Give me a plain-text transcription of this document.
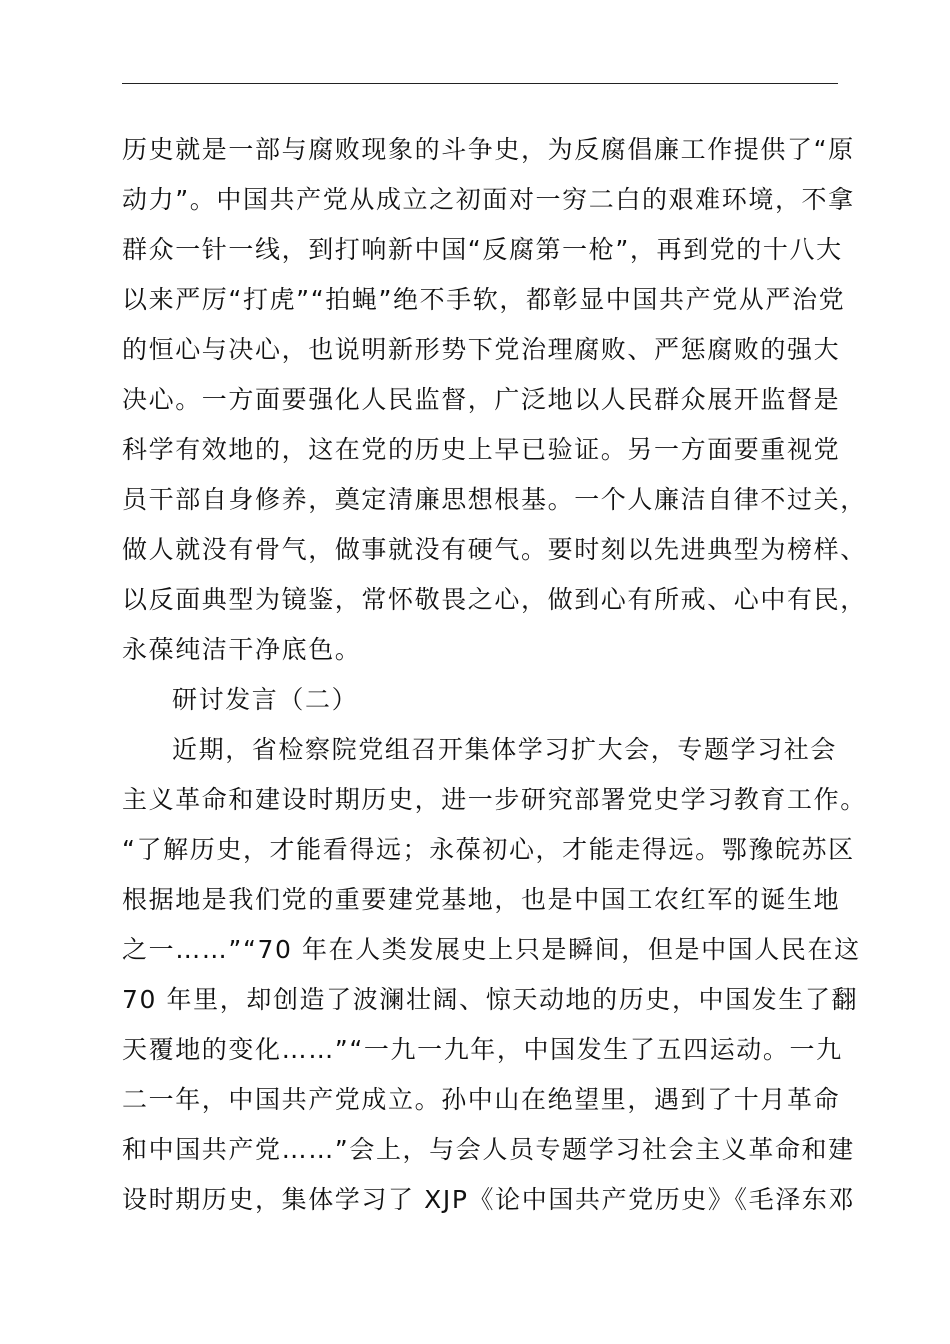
历史就是一部与腐败现象的斗争史，为反腐倡廉工作提供了“原
动力”。中国共产党从成立之初面对一穷二白的艰难环境，不拿
群众一针一线，到打响新中国“反腐第一枪”，再到党的十八大
以来严厉“打虎”“拍蝇”绝不手软，都彰显中国共产党从严治党
的恒心与决心，也说明新形势下党治理腐败、严惩腐败的强大
决心。一方面要强化人民监督，广泛地以人民群众展开监督是
科学有效地的，这在党的历史上早已验证。另一方面要重视党
员干部自身修养，奠定清廉思想根基。一个人廉洁自律不过关，
做人就没有骨气，做事就没有硬气。要时刻以先进典型为榜样、
以反面典型为镜鉴，常怀敬畏之心，做到心有所戒、心中有民，
永葆纯洁干净底色。
研讨发言（二）
近期，省检察院党组召开集体学习扩大会，专题学习社会
主义革命和建设时期历史，进一步研究部署党史学习教育工作。
“了解历史，才能看得远；永葆初心，才能走得远。鄂豫皖苏区
根据地是我们党的重要建党基地，也是中国工农红军的诞生地
之一……”“70 年在人类发展史上只是瞬间，但是中国人民在这
70 年里，却创造了波澜壮阔、惊天动地的历史，中国发生了翻
天覆地的变化……”“一九一九年，中国发生了五四运动。一九
二一年，中国共产党成立。孙中山在绝望里，遇到了十月革命
和中国共产党……”会上，与会人员专题学习社会主义革命和建
设时期历史，集体学习了 XJP《论中国共产党历史》《毛泽东邓
